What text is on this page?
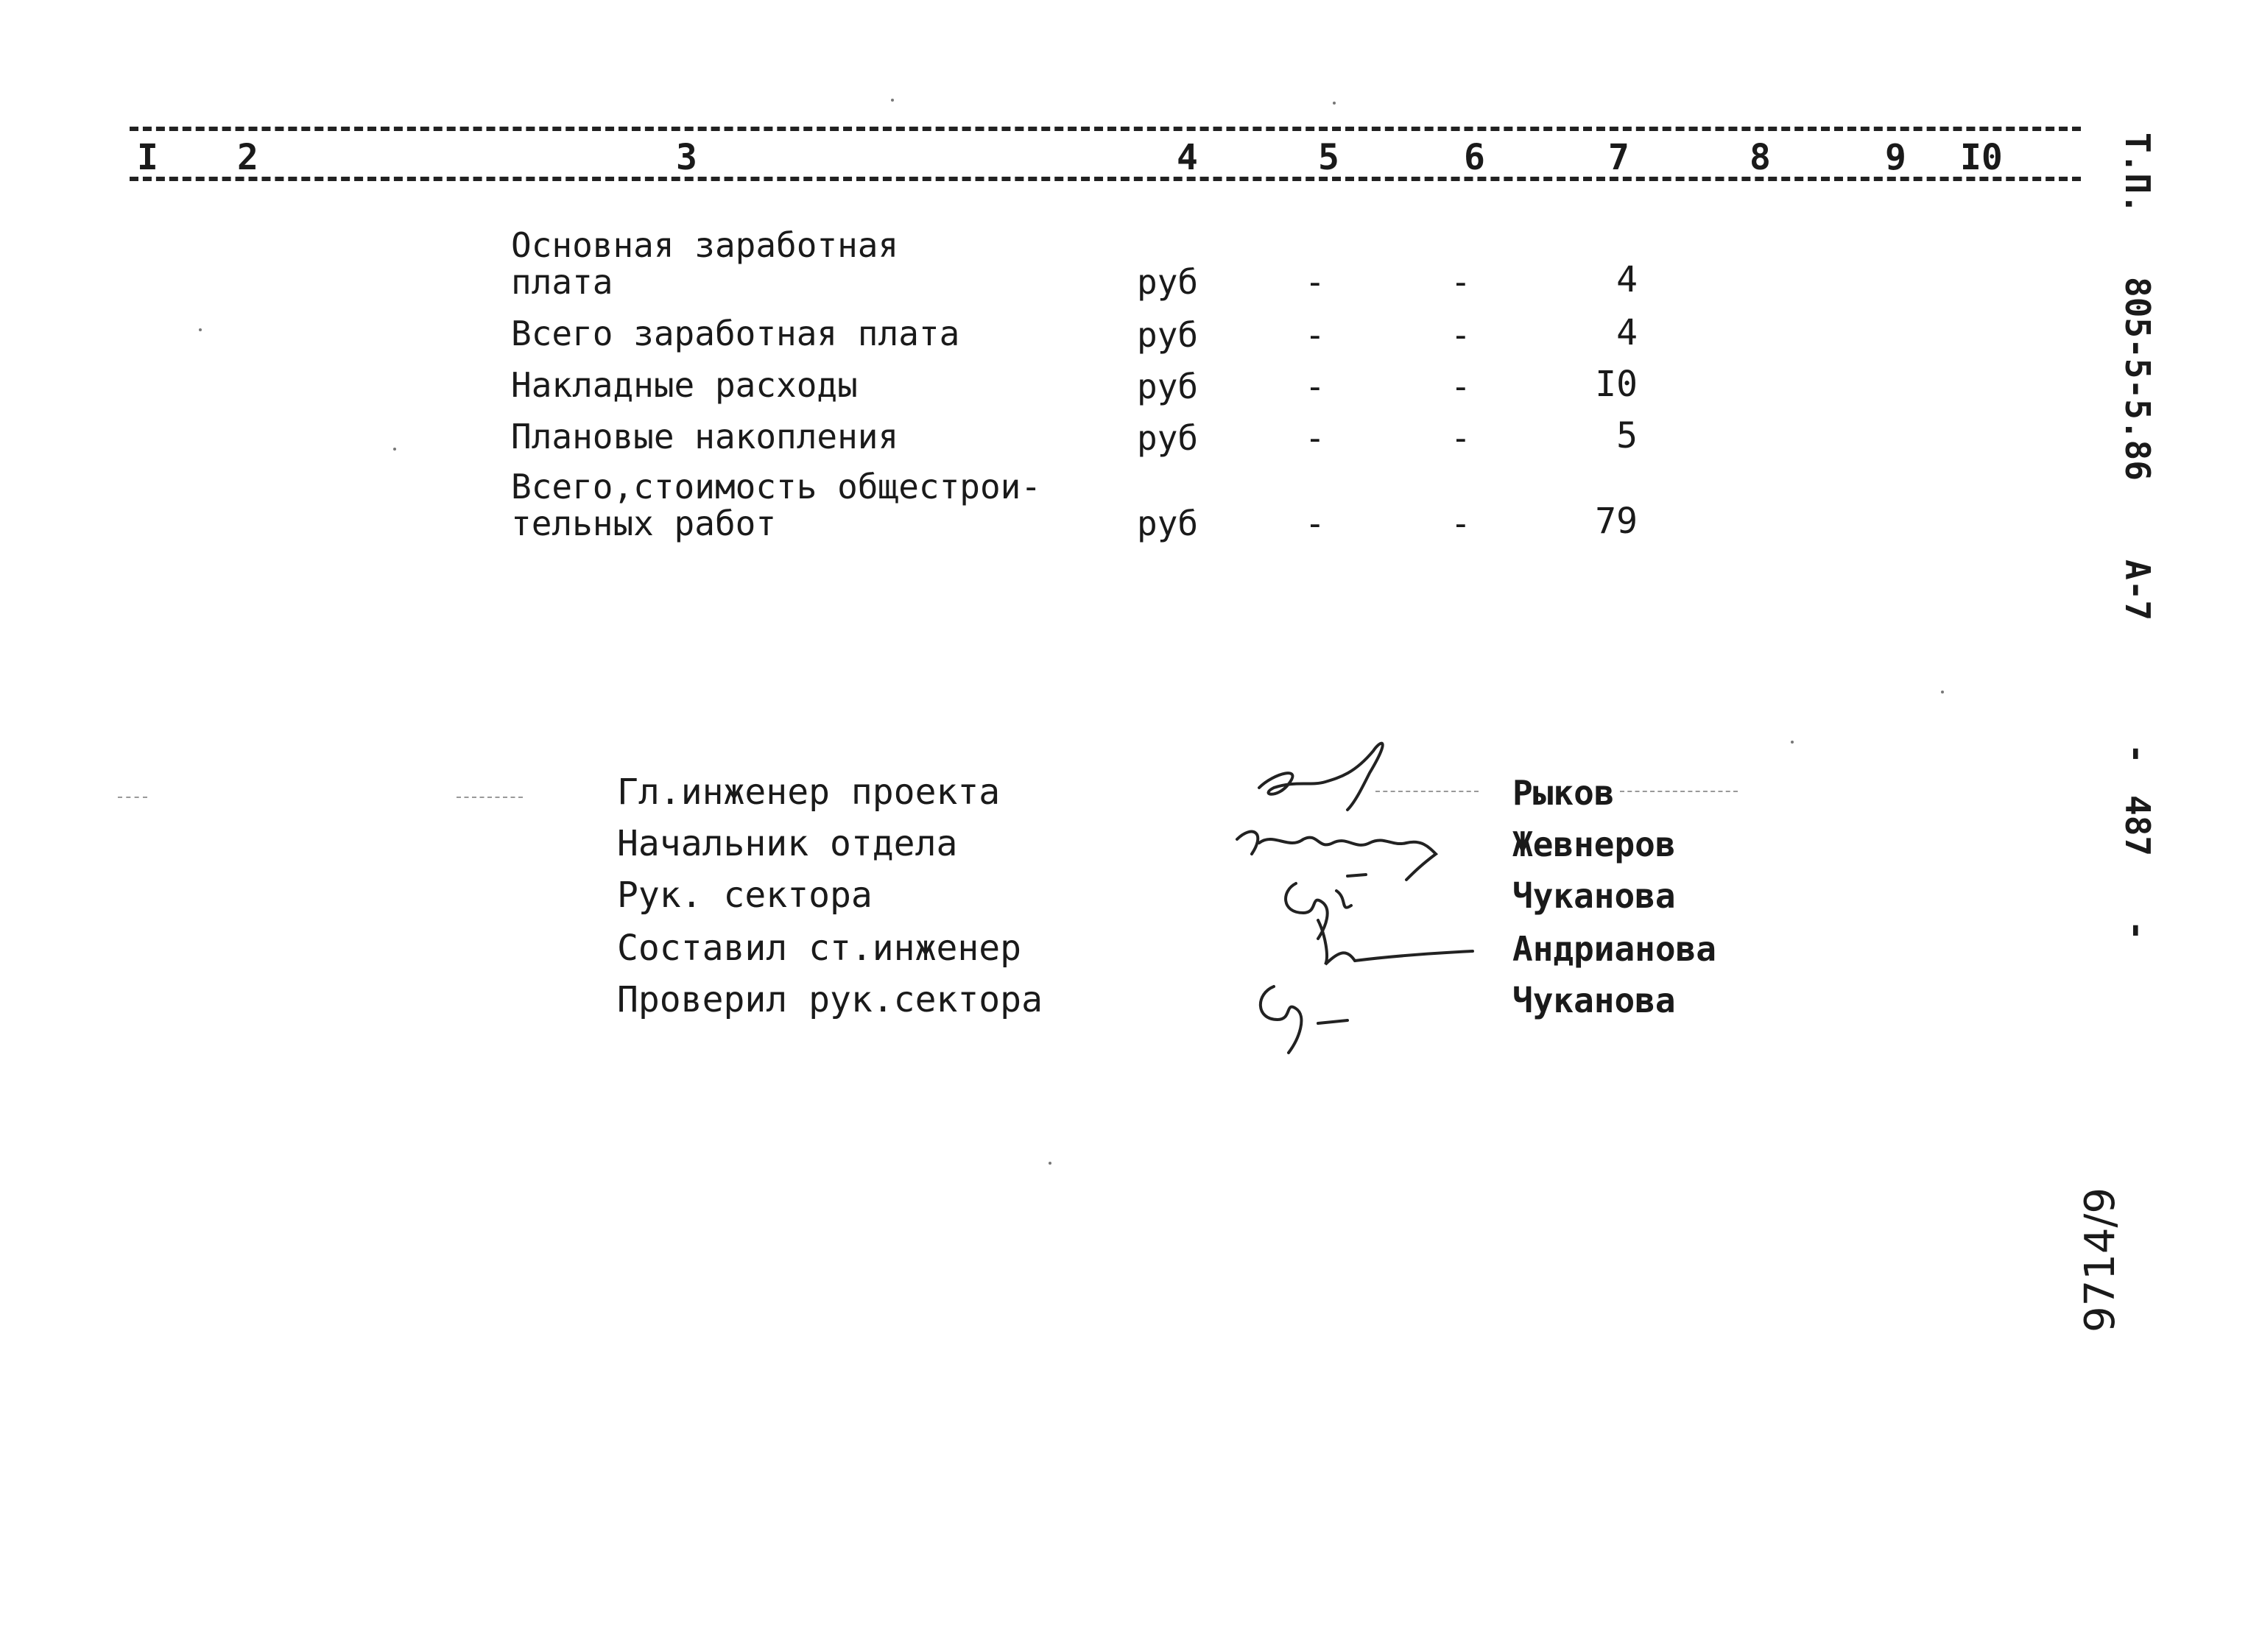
I 2	3	4	5	6	7	8	9 I0
Основная заработная
плата	руб	-	-	4
Всего заработная плата	руб	-	-	4
Накладные расходы	руб	-	-	I0
Плановые накопления	руб	-	-	5
Всего,стоимость общестрои-
тельных работ	руб	-	-	79
Гл.инженер проекта	Рыков
Начальник отдела	Жевнеров
Рук. сектора	Чуканова
Составил ст.инженер	Андрианова
Проверил рук.сектора	Чуканова
Т.П.
805-5-5.86
А-7
-
487
-
9714/9
